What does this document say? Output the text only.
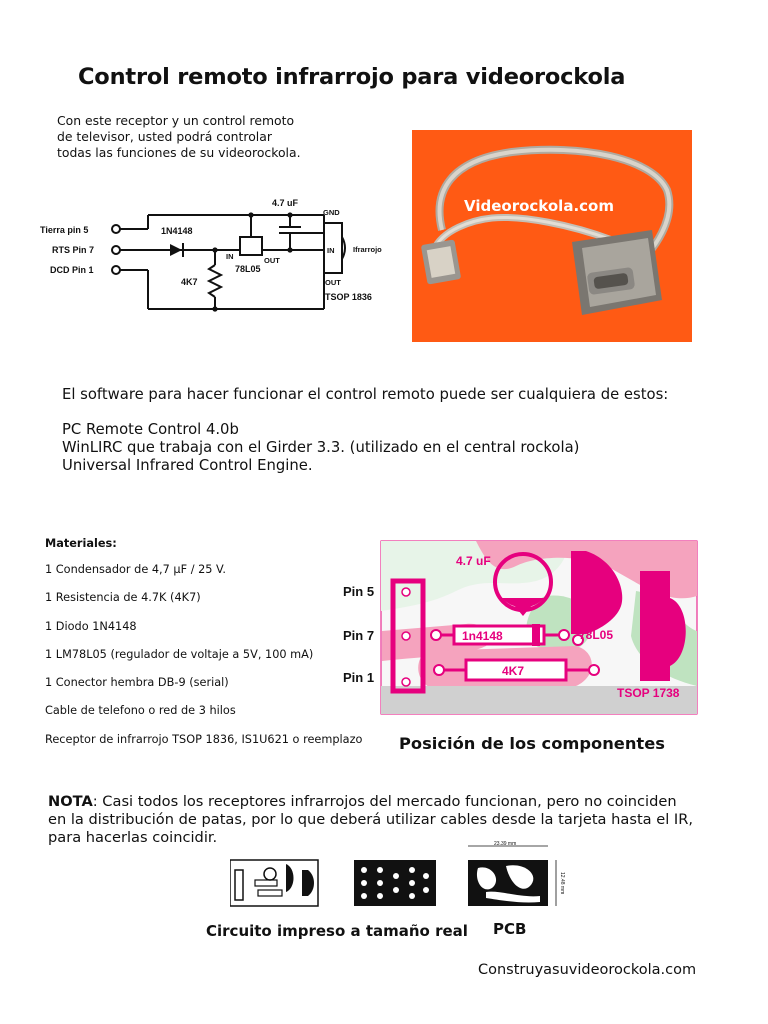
Control remoto infrarrojo para videorockola
Con este receptor y un control remoto
de televisor, usted podrá controlar
todas las funciones de su videorockola.
Tierra pin 5
RTS Pin 7
DCD Pin 1
1N4148
4.7 uF
GND
IN	OUT
78L05
4K7
IN Ifrarrojo
OUT
TSOP 1836
Videorockola.com
El software para hacer funcionar el control remoto puede ser cualquiera de estos:
PC Remote Control 4.0b
WinLIRC que trabaja con el Girder 3.3. (utilizado en el central rockola)
Universal Infrared Control Engine.
Materiales:
1 Condensador de 4,7 µF / 25 V.
1 Resistencia de 4.7K (4K7)
1 Diodo 1N4148
1 LM78L05 (regulador de voltaje a 5V, 100 mA)
1 Conector hembra DB-9 (serial)
Cable de telefono o red de 3 hilos
Receptor de infrarrojo TSOP 1836, IS1U621 o reemplazo
Pin 5
Pin 7
Pin 1
4.7 uF
1n4148	78L05
4K7
TSOP 1738
Posición de los componentes
NOTA: Casi todos los receptores infrarrojos del mercado funcionan, pero no coinciden
en la distribución de patas, por lo que deberá utilizar cables desde la tarjeta hasta el IR,
para hacerlas coincidir.	23.39 mm
12.48 mm
Circuito impreso a tamaño real PCB
Construyasuvideorockola.com
